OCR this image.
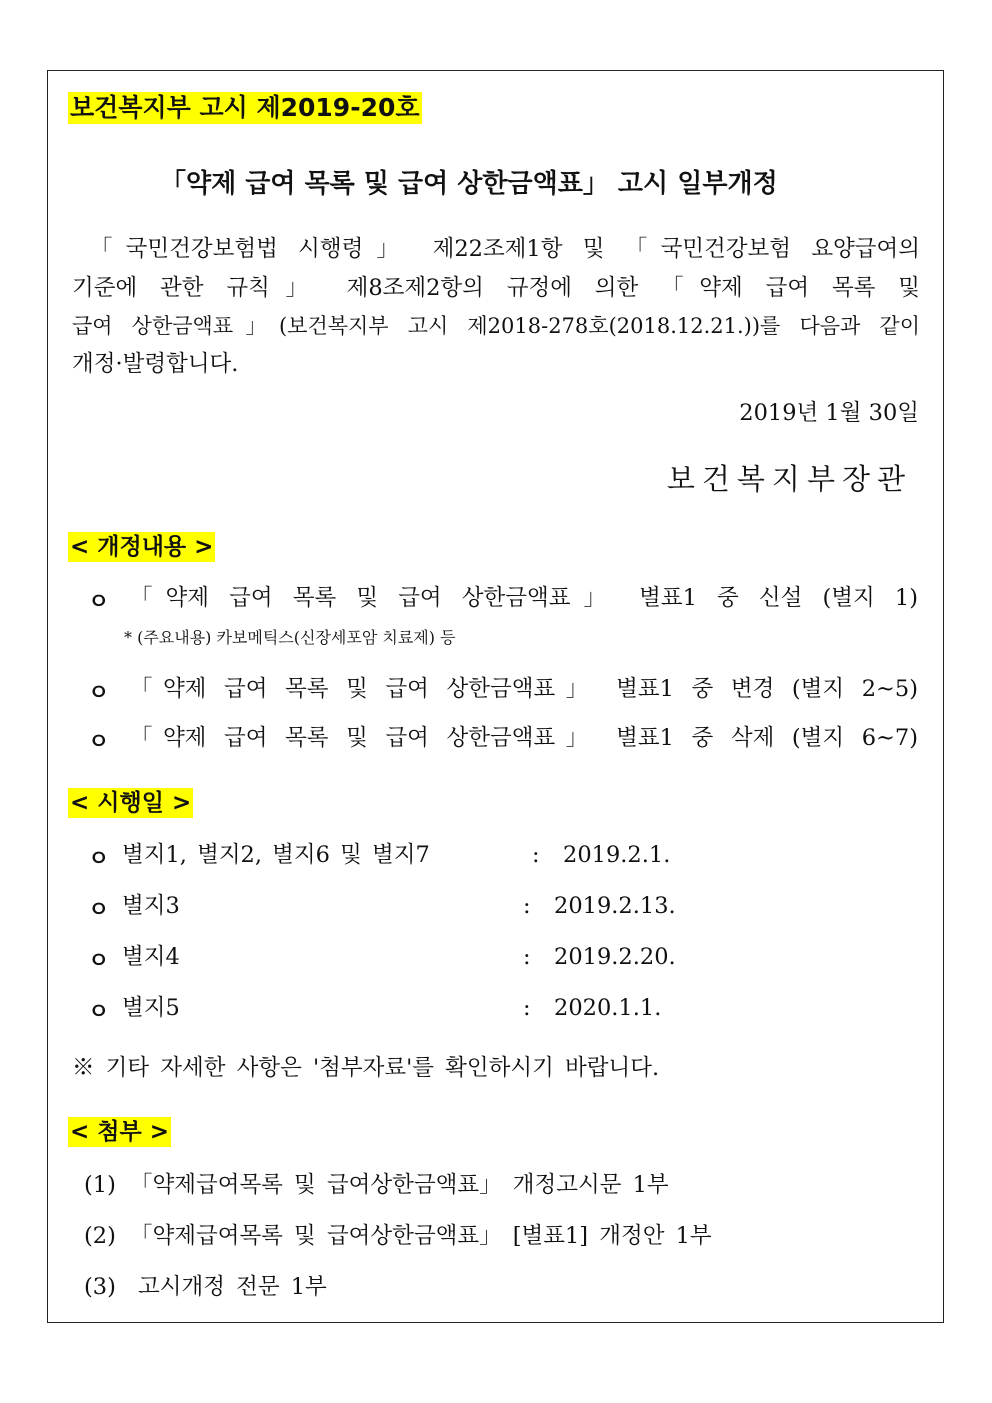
보건복지부 고시 제2019-20호
「약제 급여 목록 및 급여 상한금액표」 고시 일부개정
「국민건강보험법 시행령」 제22조제1항 및 「국민건강보험 요양급여의
기준에 관한 규칙」 제8조제2항의 규정에 의한 「약제 급여 목록 및
급여 상한금액표」(보건복지부 고시 제2018-278호(2018.12.21.))를 다음과 같이
개정·발령합니다.
2019년 1월 30일
보건복지부장관
< 개정내용 >
ㅇ 「약제 급여 목록 및 급여 상한금액표」 별표1 중 신설 (별지 1)
* (주요내용) 카보메틱스(신장세포암 치료제) 등
ㅇ 「약제 급여 목록 및 급여 상한금액표」 별표1 중 변경 (별지 2~5)
ㅇ 「약제 급여 목록 및 급여 상한금액표」 별표1 중 삭제 (별지 6~7)
< 시행일 >
ㅇ 별지1, 별지2, 별지6 및 별지7	: 2019.2.1.
ㅇ 별지3	: 2019.2.13.
ㅇ 별지4	: 2019.2.20.
ㅇ 별지5	: 2020.1.1.
※ 기타 자세한 사항은 '첨부자료'를 확인하시기 바랍니다.
< 첨부 >
(1) 「약제급여목록 및 급여상한금액표」 개정고시문 1부
(2) 「약제급여목록 및 급여상한금액표」 [별표1] 개정안 1부
(3) 고시개정 전문 1부
